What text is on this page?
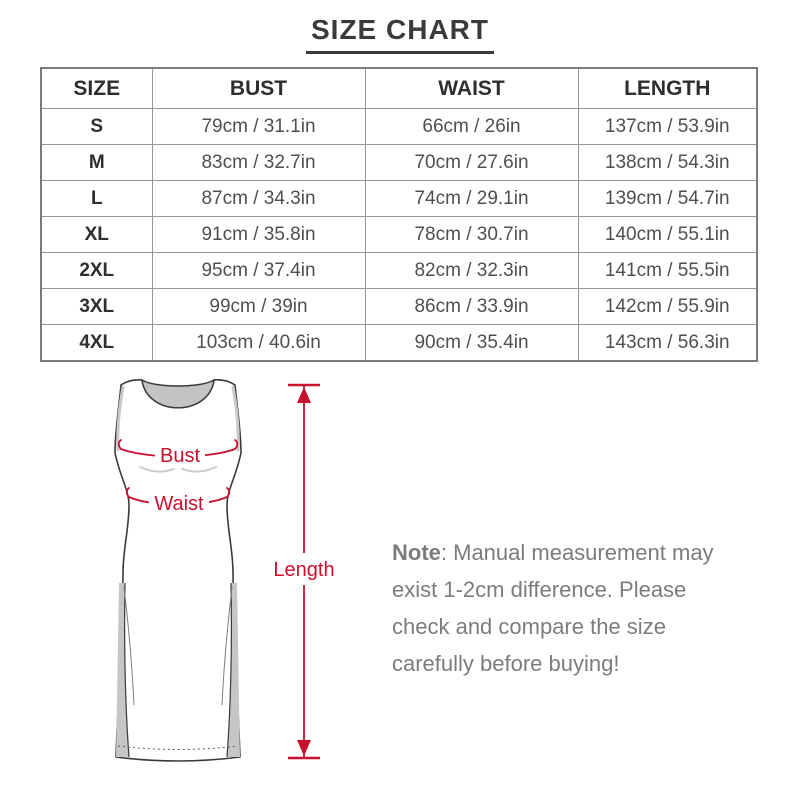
SIZE CHART
SIZE	BUST	WAIST	LENGTH
S	79cm / 31.1in	66cm / 26in	137cm / 53.9in
M	83cm / 32.7in	70cm / 27.6in	138cm / 54.3in
L	87cm / 34.3in	74cm / 29.1in	139cm / 54.7in
XL	91cm / 35.8in	78cm / 30.7in	140cm / 55.1in
2XL	95cm / 37.4in	82cm / 32.3in	141cm / 55.5in
3XL	99cm / 39in	86cm / 33.9in	142cm / 55.9in
4XL	103cm / 40.6in	90cm / 35.4in	143cm / 56.3in
Bust
Waist
Length
Note: Manual measurement may
exist 1-2cm difference. Please
check and compare the size
carefully before buying!
